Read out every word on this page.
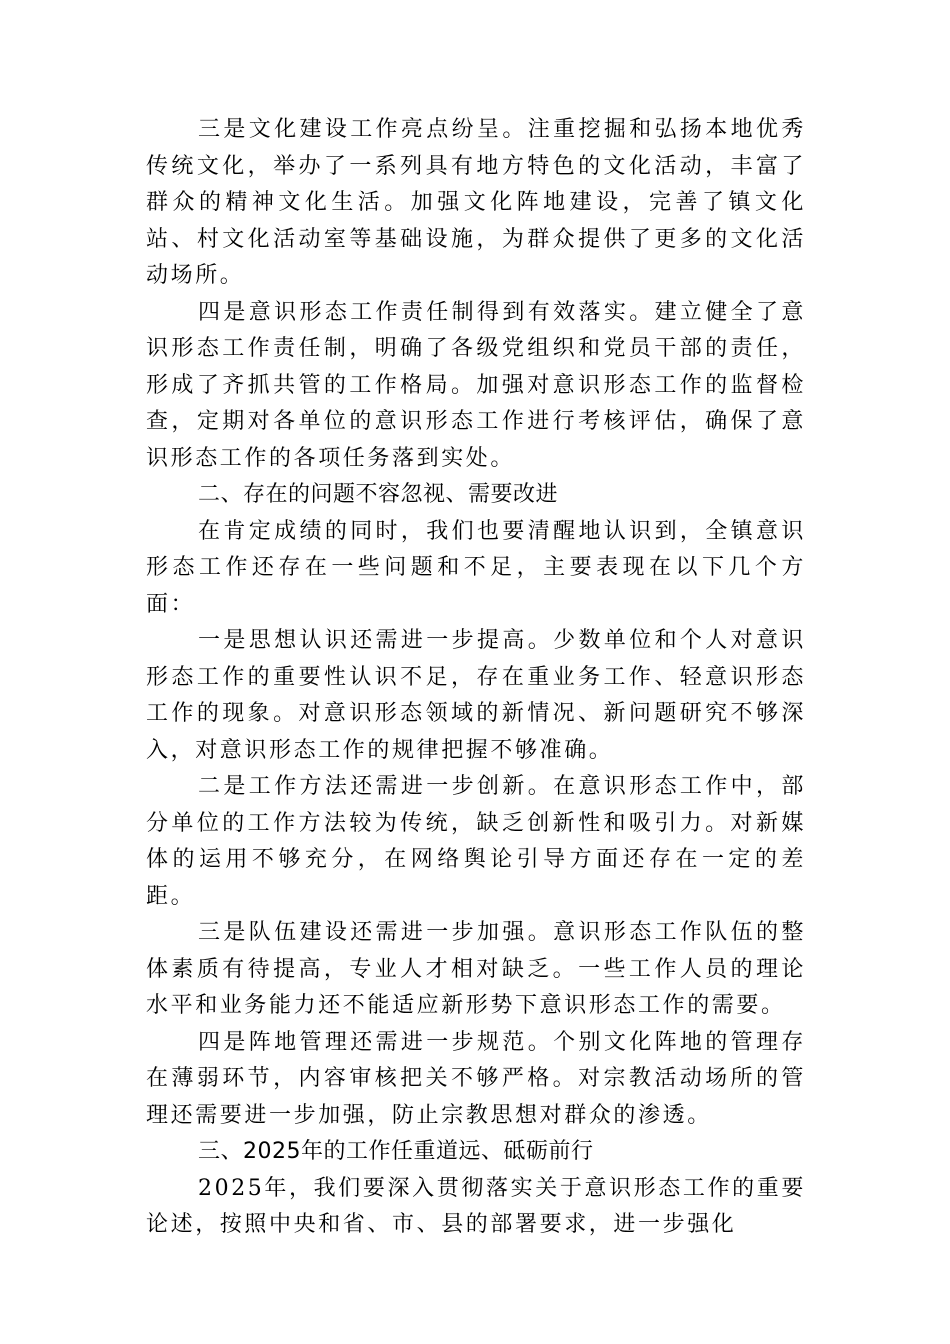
三是文化建设工作亮点纷呈。注重挖掘和弘扬本地优秀传统文化，举办了一系列具有地方特色的文化活动，丰富了群众的精神文化生活。加强文化阵地建设，完善了镇文化站、村文化活动室等基础设施，为群众提供了更多的文化活动场所。

四是意识形态工作责任制得到有效落实。建立健全了意识形态工作责任制，明确了各级党组织和党员干部的责任，形成了齐抓共管的工作格局。加强对意识形态工作的监督检查，定期对各单位的意识形态工作进行考核评估，确保了意识形态工作的各项任务落到实处。

二、存在的问题不容忽视、需要改进

在肯定成绩的同时，我们也要清醒地认识到，全镇意识形态工作还存在一些问题和不足，主要表现在以下几个方面：

一是思想认识还需进一步提高。少数单位和个人对意识形态工作的重要性认识不足，存在重业务工作、轻意识形态工作的现象。对意识形态领域的新情况、新问题研究不够深入，对意识形态工作的规律把握不够准确。

二是工作方法还需进一步创新。在意识形态工作中，部分单位的工作方法较为传统，缺乏创新性和吸引力。对新媒体的运用不够充分，在网络舆论引导方面还存在一定的差距。

三是队伍建设还需进一步加强。意识形态工作队伍的整体素质有待提高，专业人才相对缺乏。一些工作人员的理论水平和业务能力还不能适应新形势下意识形态工作的需要。

四是阵地管理还需进一步规范。个别文化阵地的管理存在薄弱环节，内容审核把关不够严格。对宗教活动场所的管理还需要进一步加强，防止宗教思想对群众的渗透。

三、2025年的工作任重道远、砥砺前行

2025年，我们要深入贯彻落实关于意识形态工作的重要论述，按照中央和省、市、县的部署要求，进一步强化
